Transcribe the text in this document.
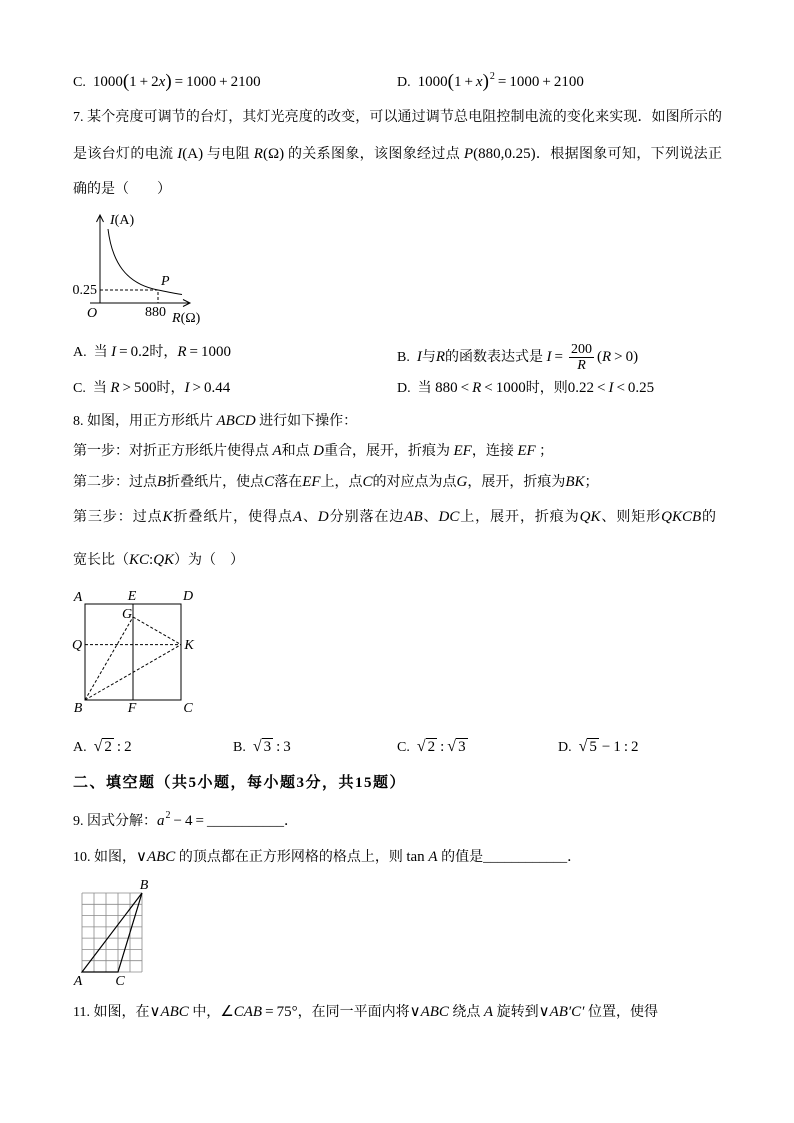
C. 1000(1 + 2x) = 1000 + 2100	D. $1000(1 + x)^2 = 1000 + 2100$
7. 某个亮度可调节的台灯，其灯光亮度的改变，可以通过调节总电阻控制电流的变化来实现．如图所示的
是该台灯的电流 I(A) 与电阻 R(Ω) 的关系图象，该图象经过点 P(880,0.25)．根据图象可知，下列说法正
确的是（　　）
I(A)
0.25
P
O	880 R(Ω)
A. 当 I = 0.2时，R = 1000	B. I与R的函数表达式是 $I = \frac{200}{R} (R > 0)$
C. 当 R > 500时，I > 0.44	D. 当 880 < R < 1000时，则0.22 < I < 0.25
8. 如图，用正方形纸片 ABCD 进行如下操作：
第一步：对折正方形纸片使得点 A和点 D重合，展开，折痕为 EF，连接 EF ；
第二步：过点B折叠纸片，使点C落在EF上，点C的对应点为点G，展开，折痕为BK；
第三步：过点K折叠纸片，使得点A、D分别落在边AB、DC上，展开，折痕为QK、则矩形QKCB的
宽长比（KC:QK）为（　）
A	E	D
G
Q	K
B	F	C
A. √ 2 : 2	B. √ 3 : 3	C. √ 2 : √ 3	D. √ 5 − 1 : 2
二、填空题（共5小题，每小题3分，共15题）
9. 因式分解：$a^2 - 4$ = ___________．
10. 如图，∨ABC 的顶点都在正方形网格的格点上，则 tan A 的值是____________．
B
A C
11. 如图，在∨ABC 中，∠CAB = 75°，在同一平面内将∨ABC 绕点 A 旋转到∨AB′C′ 位置，使得
